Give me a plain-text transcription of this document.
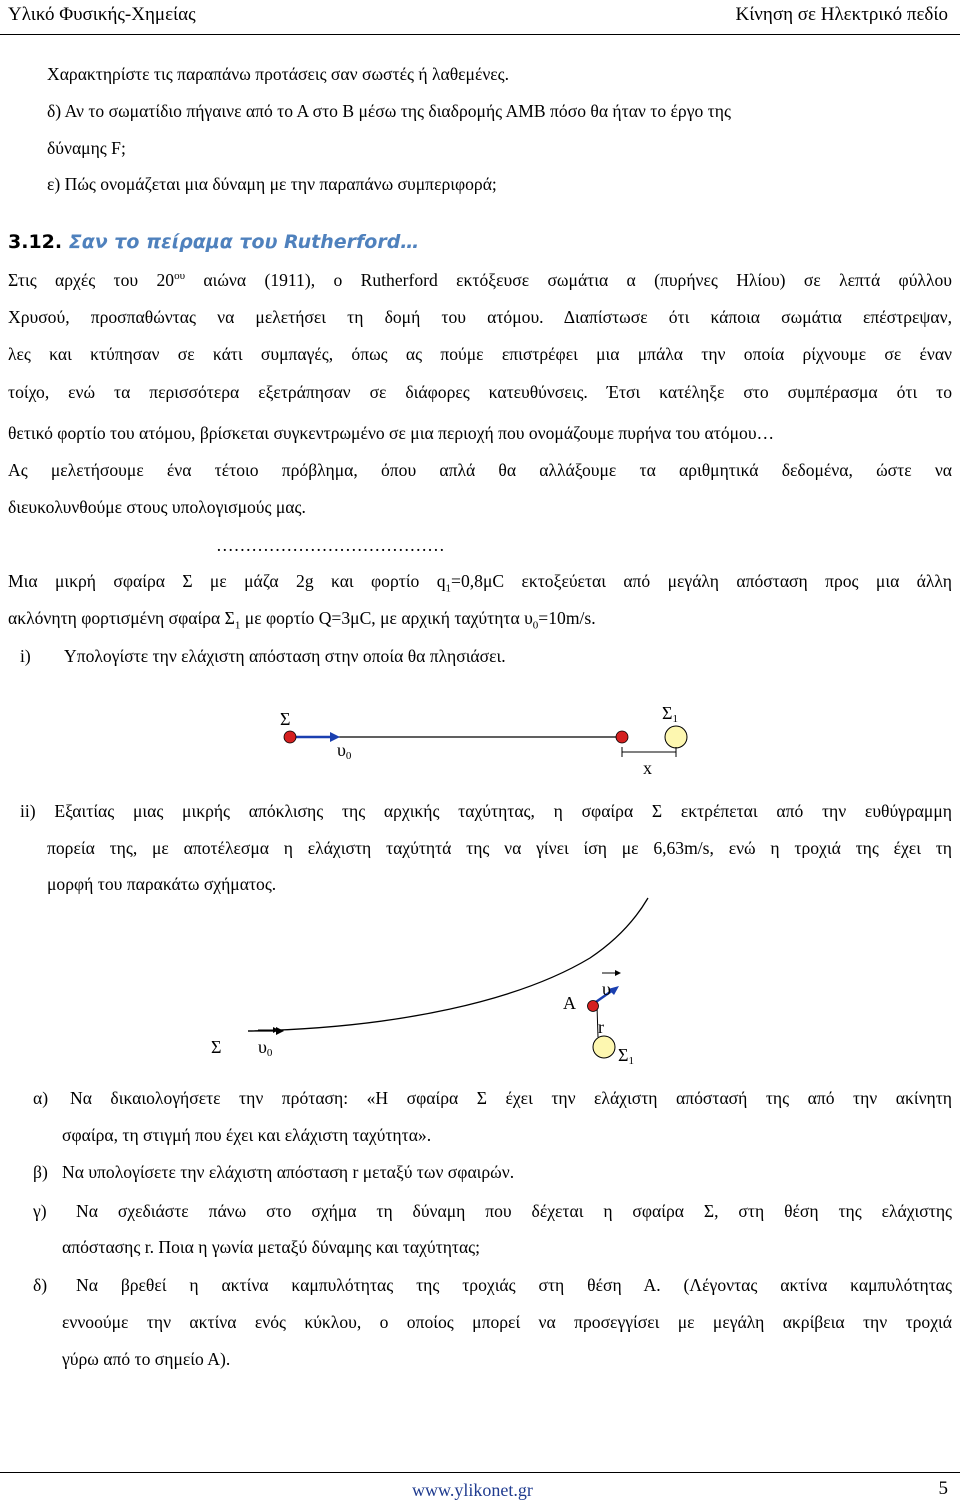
Υλικό Φυσικής-Χημείας	Κίνηση σε Ηλεκτρικό πεδίο
Χαρακτηρίστε τις παραπάνω προτάσεις σαν σωστές ή λαθεμένες.
δ) Αν το σωματίδιο πήγαινε από το Α στο Β μέσω της διαδρομής ΑΜΒ πόσο θα ήταν το έργο της
δύναμης F;
ε) Πώς ονομάζεται μια δύναμη με την παραπάνω συμπεριφορά;
3.12. Σαν το πείραμα του Rutherford…
Στις αρχές του $20^{o\upsilon}$ αιώνα (1911), ο Rutherford εκτόξευσε σωμάτια α (πυρήνες Ηλίου) σε λεπτά φύλλου
Χρυσού, προσπαθώντας να μελετήσει τη δομή του ατόμου. Διαπίστωσε ότι κάποια σωμάτια επέστρεψαν,
λες και κτύπησαν σε κάτι συμπαγές, όπως ας πούμε επιστρέφει μια μπάλα την οποία ρίχνουμε σε έναν
τοίχο, ενώ τα περισσότερα εξετράπησαν σε διάφορες κατευθύνσεις. Έτσι κατέληξε στο συμπέρασμα ότι το
θετικό φορτίο του ατόμου, βρίσκεται συγκεντρωμένο σε μια περιοχή που ονομάζουμε πυρήνα του ατόμου…
Ας μελετήσουμε ένα τέτοιο πρόβλημα, όπου απλά θα αλλάξουμε τα αριθμητικά δεδομένα, ώστε να
διευκολυνθούμε στους υπολογισμούς μας.
…………………………………
Μια μικρή σφαίρα Σ με μάζα 2g και φορτίο $q_1=0,8\mu C$ εκτοξεύεται από μεγάλη απόσταση προς μια άλλη
ακλόνητη φορτισμένη σφαίρα $\Sigma_1$ με φορτίο Q=3μC, με αρχική ταχύτητα $\upsilon_0=10m/s$.
i) Υπολογίστε την ελάχιστη απόσταση στην οποία θα πλησιάσει.
Σ	Σ1
υ0
x
ii) Εξαιτίας μιας μικρής απόκλισης της αρχικής ταχύτητας, η σφαίρα Σ εκτρέπεται από την ευθύγραμμη
πορεία της, με αποτέλεσμα η ελάχιστη ταχύτητά της να γίνει ίση με 6,63m/s, ενώ η τροχιά της έχει τη
μορφή του παρακάτω σχήματος.
Σ υ0
Α
υ
r
Σ1
α) Να δικαιολογήσετε την πρόταση: «Η σφαίρα Σ έχει την ελάχιστη απόστασή της από την ακίνητη
σφαίρα, τη στιγμή που έχει και ελάχιστη ταχύτητα».
β) Να υπολογίσετε την ελάχιστη απόσταση r μεταξύ των σφαιρών.
γ) Να σχεδιάστε πάνω στο σχήμα τη δύναμη που δέχεται η σφαίρα Σ, στη θέση της ελάχιστης
απόστασης r. Ποια η γωνία μεταξύ δύναμης και ταχύτητας;
δ) Να βρεθεί η ακτίνα καμπυλότητας της τροχιάς στη θέση Α. (Λέγοντας ακτίνα καμπυλότητας
εννοούμε την ακτίνα ενός κύκλου, ο οποίος μπορεί να προσεγγίσει με μεγάλη ακρίβεια την τροχιά
γύρω από το σημείο Α).
www.ylikonet.gr	5
